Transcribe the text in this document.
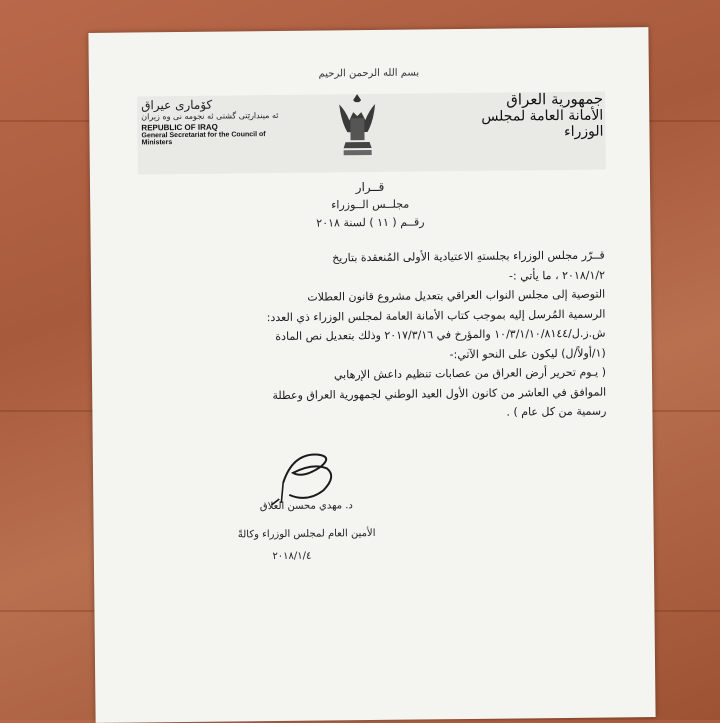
بسم الله الرحمن الرحيم
كۆماری عیراق
ئه ميندارێتی گشتی ئه نجومه نی وه زیران
REPUBLIC OF IRAQ
General Secretariat for the Council of Ministers
جمهورية العراق
الأمانة العامة لمجلس الوزراء
قــرار
مجلــس الــوزراء
رقــم ( ١١ ) لسنة ٢٠١٨

قــرّر مجلس الوزراء بجلستهِ الاعتيادية الأولى المُنعقدة بتاريخ

٢٠١٨/١/٢ ، ما يأتي :-

التوصية إلى مجلس النواب العراقي بتعديل مشروع قانون العطلات

الرسمية المُرسل إليه بموجب كتاب الأمانة العامة لمجلس الوزراء ذي العدد:

ش.ز.ل/١٠/٣/١/١٠/٨١٤٤ والمؤرخ في ٢٠١٧/٣/١٦ وذلك بتعديل نص المادة

(١/أولاً/ل) ليكون على النحو الآتي:-

( يـوم تحرير أرض العراق من عصابات تنظيم داعش الإرهابي

الموافق في العاشر من كانون الأول العيد الوطني لجمهورية العراق وعطلة

رسمية من كل عام ) .

د. مهدي محسن العلاق
الأمين العام لمجلس الوزراء وكالةً
٢٠١٨/١/٤
